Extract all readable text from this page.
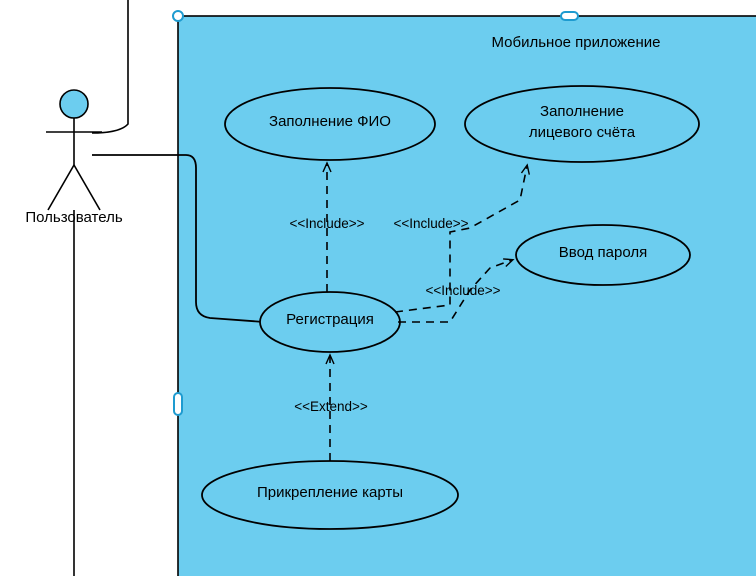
Мобильное приложение
Пользователь
Заполнение ФИО
Заполнение
лицевого счёта
Ввод пароля
Регистрация
Прикрепление карты
<<Include>>	<<Include>>
<<Include>>
<<Extend>>
